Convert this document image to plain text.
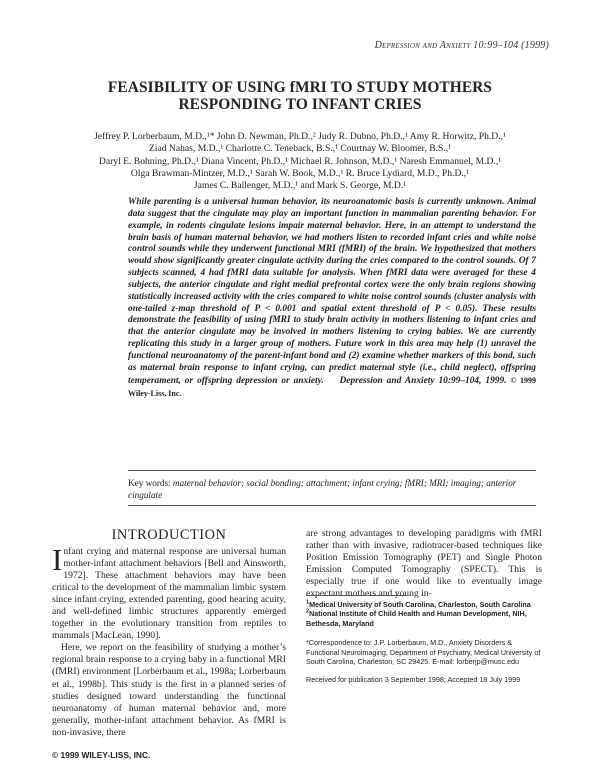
Depression and Anxiety 10:99–104 (1999)
FEASIBILITY OF USING fMRI TO STUDY MOTHERS
RESPONDING TO INFANT CRIES
Jeffrey P. Lorberbaum, M.D.,¹* John D. Newman, Ph.D.,² Judy R. Dubno, Ph.D.,¹ Amy R. Horwitz, Ph.D.,¹
Ziad Nahas, M.D.,¹ Charlotte C. Teneback, B.S.,¹ Courtnay W. Bloomer, B.S.,¹
Daryl E. Bohning, Ph.D.,¹ Diana Vincent, Ph.D.,¹ Michael R. Johnson, M.D.,¹ Naresh Emmanuel, M.D.,¹
Olga Brawman-Mintzer, M.D.,¹ Sarah W. Book, M.D.,¹ R. Bruce Lydiard, M.D., Ph.D.,¹
James C. Ballenger, M.D.,¹ and Mark S. George, M.D.¹
While parenting is a universal human behavior, its neuroanatomic basis is currently unknown. Animal data suggest that the cingulate may play an important function in mammalian parenting behavior. For example, in rodents cingulate lesions impair maternal behavior. Here, in an attempt to understand the brain basis of human maternal behavior, we had mothers listen to recorded infant cries and white noise control sounds while they underwent functional MRI (fMRI) of the brain. We hypothesized that mothers would show significantly greater cingulate activity during the cries compared to the control sounds. Of 7 subjects scanned, 4 had fMRI data suitable for analysis. When fMRI data were averaged for these 4 subjects, the anterior cingulate and right medial prefrontal cortex were the only brain regions showing statistically increased activity with the cries compared to white noise control sounds (cluster analysis with one-tailed z-map threshold of P < 0.001 and spatial extent threshold of P < 0.05). These results demonstrate the feasibility of using fMRI to study brain activity in mothers listening to infant cries and that the anterior cingulate may be involved in mothers listening to crying babies. We are currently replicating this study in a larger group of mothers. Future work in this area may help (1) unravel the functional neuroanatomy of the parent-infant bond and (2) examine whether markers of this bond, such as maternal brain response to infant crying, can predict maternal style (i.e., child neglect), offspring temperament, or offspring depression or anxiety. Depression and Anxiety 10:99–104, 1999. © 1999 Wiley-Liss, Inc.
Key words: maternal behavior; social bonding; attachment; infant crying; fMRI; MRI; imaging; anterior cingulate
INTRODUCTION

Infant crying and maternal response are universal human mother-infant attachment behaviors [Bell and Ainsworth, 1972]. These attachment behaviors may have been critical to the development of the mammalian limbic system since infant crying, extended parenting, good hearing acuity, and well-defined limbic structures apparently emerged together in the evolutionary transition from reptiles to mammals [MacLean, 1990].

Here, we report on the feasibility of studying a mother’s regional brain response to a crying baby in a functional MRI (fMRI) environment [Lorberbaum et al., 1998a; Lorberbaum et al., 1998b]. This study is the first in a planned series of studies designed toward understanding the functional neuroanatomy of human maternal behavior and, more generally, mother-infant attachment behavior. As fMRI is non-invasive, there

are strong advantages to developing paradigms with fMRI rather than with invasive, radiotracer-based techniques like Position Emission Tomography (PET) and Single Photon Emission Computed Tomography (SPECT). This is especially true if one would like to eventually image expectant mothers and young in-

$^1$Medical University of South Carolina, Charleston, South Carolina

$^2$National Institute of Child Health and Human Development, NIH, Bethesda, Maryland

*Correspondence to: J.P. Lorberbaum, M.D., Anxiety Disorders & Functional Neuroimaging, Department of Psychiatry, Medical University of South Carolina, Charleston, SC 29425. E-mail: lorberjp@musc.edu

Received for publication 3 September 1998; Accepted 18 July 1999

© 1999 WILEY-LISS, INC.
